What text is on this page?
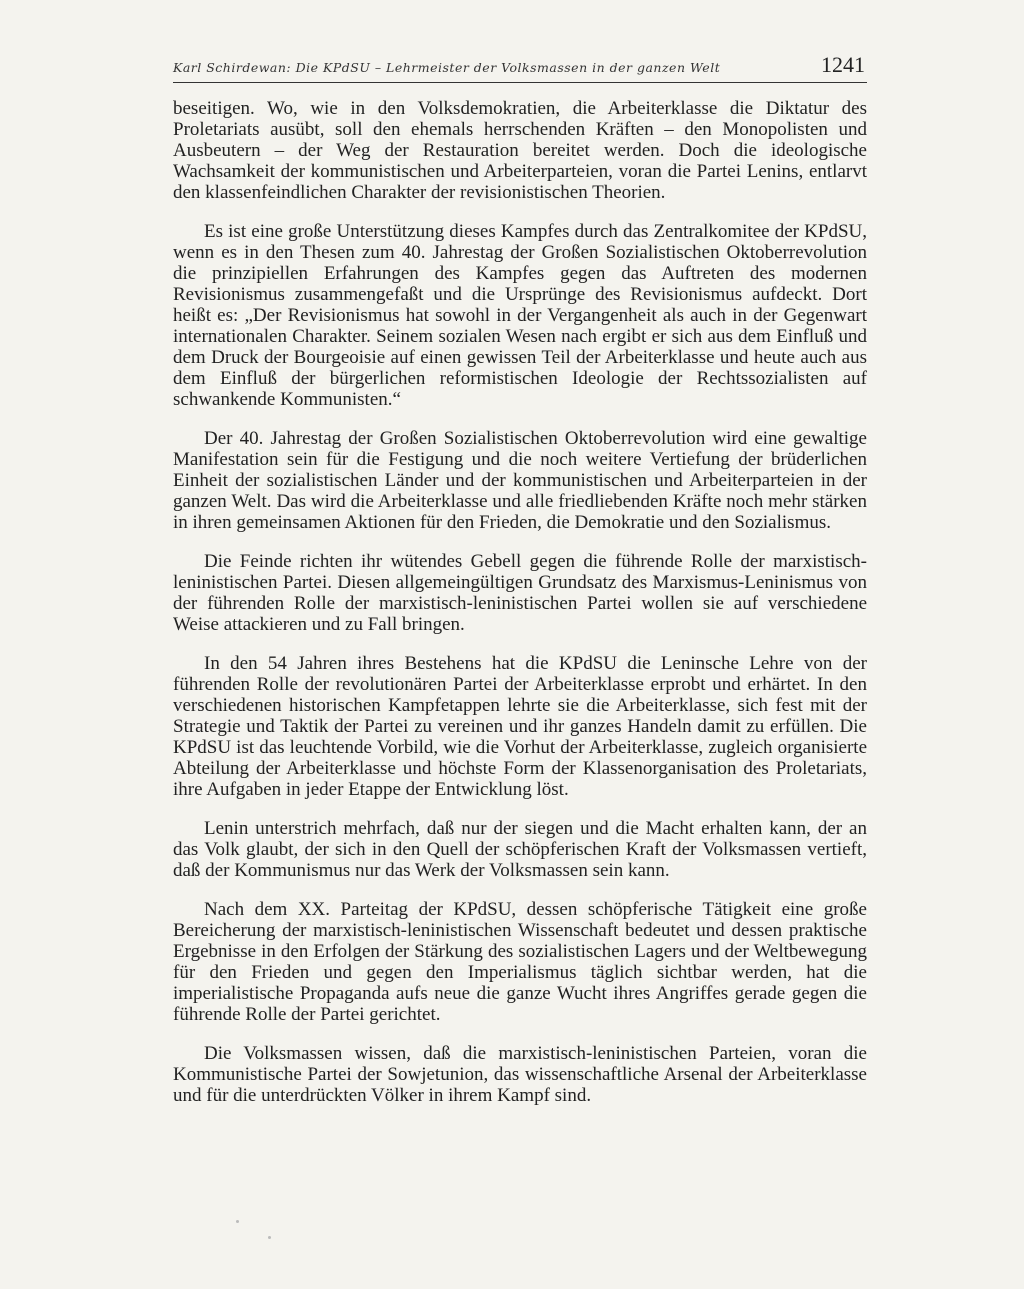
Karl Schirdewan: Die KPdSU – Lehrmeister der Volksmassen in der ganzen Welt	1241

beseitigen. Wo, wie in den Volksdemokratien, die Arbeiterklasse die Diktatur des Proletariats ausübt, soll den ehemals herrschenden Kräften – den Monopolisten und Ausbeutern – der Weg der Restauration bereitet werden. Doch die ideologische Wachsamkeit der kommunistischen und Arbeiterparteien, voran die Partei Lenins, entlarvt den klassenfeindlichen Charakter der revisionistischen Theorien.

Es ist eine große Unterstützung dieses Kampfes durch das Zentralkomitee der KPdSU, wenn es in den Thesen zum 40. Jahrestag der Großen Sozialistischen Oktoberrevolution die prinzipiellen Erfahrungen des Kampfes gegen das Auftreten des modernen Revisionismus zusammengefaßt und die Ursprünge des Revisionismus aufdeckt. Dort heißt es: „Der Revisionismus hat sowohl in der Vergangenheit als auch in der Gegenwart internationalen Charakter. Seinem sozialen Wesen nach ergibt er sich aus dem Einfluß und dem Druck der Bourgeoisie auf einen gewissen Teil der Arbeiterklasse und heute auch aus dem Einfluß der bürgerlichen reformistischen Ideologie der Rechtssozialisten auf schwankende Kommunisten.“

Der 40. Jahrestag der Großen Sozialistischen Oktoberrevolution wird eine gewaltige Manifestation sein für die Festigung und die noch weitere Vertiefung der brüderlichen Einheit der sozialistischen Länder und der kommunistischen und Arbeiterparteien in der ganzen Welt. Das wird die Arbeiterklasse und alle friedliebenden Kräfte noch mehr stärken in ihren gemeinsamen Aktionen für den Frieden, die Demokratie und den Sozialismus.

Die Feinde richten ihr wütendes Gebell gegen die führende Rolle der marxistisch-leninistischen Partei. Diesen allgemeingültigen Grundsatz des Marxismus-Leninismus von der führenden Rolle der marxistisch-leninistischen Partei wollen sie auf verschiedene Weise attackieren und zu Fall bringen.

In den 54 Jahren ihres Bestehens hat die KPdSU die Leninsche Lehre von der führenden Rolle der revolutionären Partei der Arbeiterklasse erprobt und erhärtet. In den verschiedenen historischen Kampfetappen lehrte sie die Arbeiterklasse, sich fest mit der Strategie und Taktik der Partei zu vereinen und ihr ganzes Handeln damit zu erfüllen. Die KPdSU ist das leuchtende Vorbild, wie die Vorhut der Arbeiterklasse, zugleich organisierte Abteilung der Arbeiterklasse und höchste Form der Klassenorganisation des Proletariats, ihre Aufgaben in jeder Etappe der Entwicklung löst.

Lenin unterstrich mehrfach, daß nur der siegen und die Macht erhalten kann, der an das Volk glaubt, der sich in den Quell der schöpferischen Kraft der Volksmassen vertieft, daß der Kommunismus nur das Werk der Volksmassen sein kann.

Nach dem XX. Parteitag der KPdSU, dessen schöpferische Tätigkeit eine große Bereicherung der marxistisch-leninistischen Wissenschaft bedeutet und dessen praktische Ergebnisse in den Erfolgen der Stärkung des sozialistischen Lagers und der Weltbewegung für den Frieden und gegen den Imperialismus täglich sichtbar werden, hat die imperialistische Propaganda aufs neue die ganze Wucht ihres Angriffes gerade gegen die führende Rolle der Partei gerichtet.

Die Volksmassen wissen, daß die marxistisch-leninistischen Parteien, voran die Kommunistische Partei der Sowjetunion, das wissenschaftliche Arsenal der Arbeiterklasse und für die unterdrückten Völker in ihrem Kampf sind.
